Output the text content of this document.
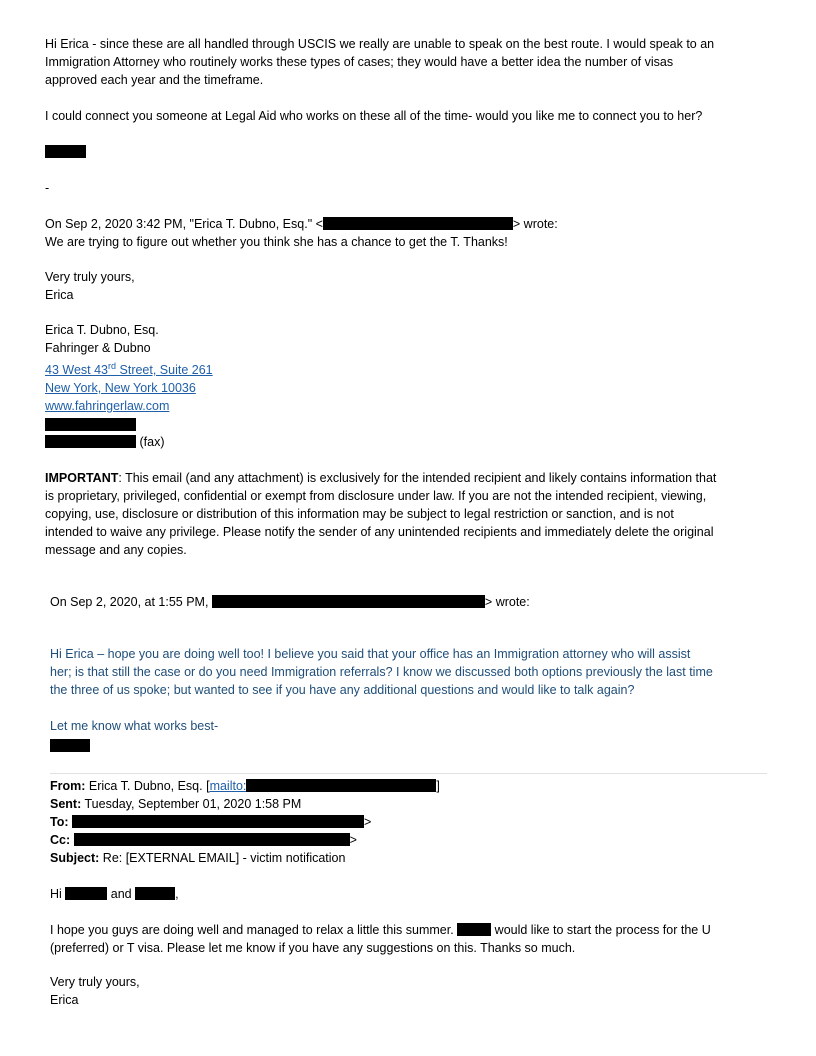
Hi Erica - since these are all handled through USCIS we really are unable to speak on the best route. I would speak to an
Immigration Attorney who routinely works these types of cases; they would have a better idea the number of visas
approved each year and the timeframe.
I could connect you someone at Legal Aid who works on these all of the time- would you like me to connect you to her?
-
On Sep 2, 2020 3:42 PM, "Erica T. Dubno, Esq." <	> wrote:
We are trying to figure out whether you think she has a chance to get the T. Thanks!
Very truly yours,
Erica
Erica T. Dubno, Esq.
Fahringer & Dubno
43 West 43rd Street, Suite 261
New York, New York 10036
www.fahringerlaw.com
(fax)
IMPORTANT: This email (and any attachment) is exclusively for the intended recipient and likely contains information that
is proprietary, privileged, confidential or exempt from disclosure under law. If you are not the intended recipient, viewing,
copying, use, disclosure or distribution of this information may be subject to legal restriction or sanction, and is not
intended to waive any privilege. Please notify the sender of any unintended recipients and immediately delete the original
message and any copies.
On Sep 2, 2020, at 1:55 PM,	> wrote:
Hi Erica – hope you are doing well too! I believe you said that your office has an Immigration attorney who will assist
her; is that still the case or do you need Immigration referrals? I know we discussed both options previously the last time
the three of us spoke; but wanted to see if you have any additional questions and would like to talk again?
Let me know what works best-
From: Erica T. Dubno, Esq. [mailto:	]
Sent: Tuesday, September 01, 2020 1:58 PM
To:	>
Cc:	>
Subject: Re: [EXTERNAL EMAIL] - victim notification
Hi	and	,
I hope you guys are doing well and managed to relax a little this summer.	would like to start the process for the U
(preferred) or T visa. Please let me know if you have any suggestions on this. Thanks so much.
Very truly yours,
Erica
